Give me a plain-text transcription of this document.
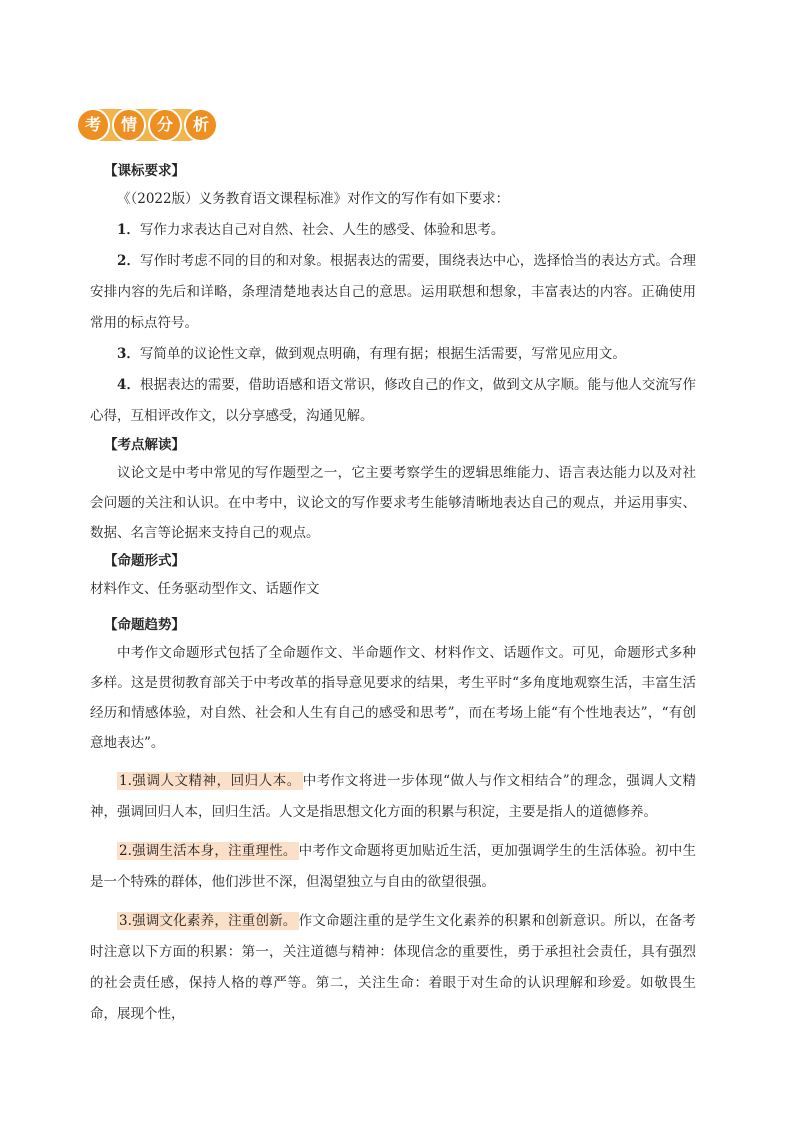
考	情	分	析

【课标要求】

《（2022版）义务教育语文课程标准》对作文的写作有如下要求：

1．写作力求表达自己对自然、社会、人生的感受、体验和思考。

2．写作时考虑不同的目的和对象。根据表达的需要，围绕表达中心，选择恰当的表达方式。合理安排内容的先后和详略，条理清楚地表达自己的意思。运用联想和想象，丰富表达的内容。正确使用常用的标点符号。

3．写简单的议论性文章，做到观点明确，有理有据；根据生活需要，写常见应用文。

4．根据表达的需要，借助语感和语文常识，修改自己的作文，做到文从字顺。能与他人交流写作心得，互相评改作文，以分享感受，沟通见解。

【考点解读】

议论文是中考中常见的写作题型之一，它主要考察学生的逻辑思维能力、语言表达能力以及对社会问题的关注和认识。在中考中，议论文的写作要求考生能够清晰地表达自己的观点，并运用事实、数据、名言等论据来支持自己的观点。

【命题形式】

材料作文、任务驱动型作文、话题作文

【命题趋势】

中考作文命题形式包括了全命题作文、半命题作文、材料作文、话题作文。可见，命题形式多种多样。这是贯彻教育部关于中考改革的指导意见要求的结果，考生平时“多角度地观察生活，丰富生活经历和情感体验，对自然、社会和人生有自己的感受和思考”，而在考场上能“有个性地表达”，“有创意地表达”。

1.强调人文精神，回归人本。 中考作文将进一步体现“做人与作文相结合”的理念，强调人文精神，强调回归人本，回归生活。人文是指思想文化方面的积累与积淀，主要是指人的道德修养。

2.强调生活本身，注重理性。 中考作文命题将更加贴近生活，更加强调学生的生活体验。初中生是一个特殊的群体，他们涉世不深，但渴望独立与自由的欲望很强。

3.强调文化素养，注重创新。 作文命题注重的是学生文化素养的积累和创新意识。所以，在备考时注意以下方面的积累：第一，关注道德与精神：体现信念的重要性，勇于承担社会责任，具有强烈的社会责任感，保持人格的尊严等。第二，关注生命：着眼于对生命的认识理解和珍爱。如敬畏生命，展现个性，
